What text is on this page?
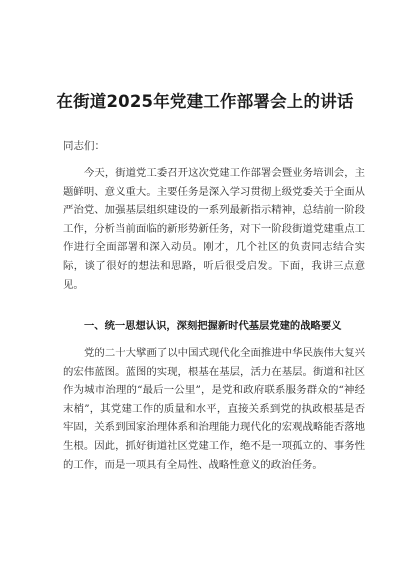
在街道2025年党建工作部署会上的讲话
同志们：

今天，街道党工委召开这次党建工作部署会暨业务培训会，主题鲜明、意义重大。主要任务是深入学习贯彻上级党委关于全面从严治党、加强基层组织建设的一系列最新指示精神，总结前一阶段工作，分析当前面临的新形势新任务，对下一阶段街道党建重点工作进行全面部署和深入动员。刚才，几个社区的负责同志结合实际，谈了很好的想法和思路，听后很受启发。下面，我讲三点意见。

一、统一思想认识，深刻把握新时代基层党建的战略要义

党的二十大擘画了以中国式现代化全面推进中华民族伟大复兴的宏伟蓝图。蓝图的实现，根基在基层，活力在基层。街道和社区作为城市治理的“最后一公里”，是党和政府联系服务群众的“神经末梢”，其党建工作的质量和水平，直接关系到党的执政根基是否牢固，关系到国家治理体系和治理能力现代化的宏观战略能否落地生根。因此，抓好街道社区党建工作，绝不是一项孤立的、事务性的工作，而是一项具有全局性、战略性意义的政治任务。
